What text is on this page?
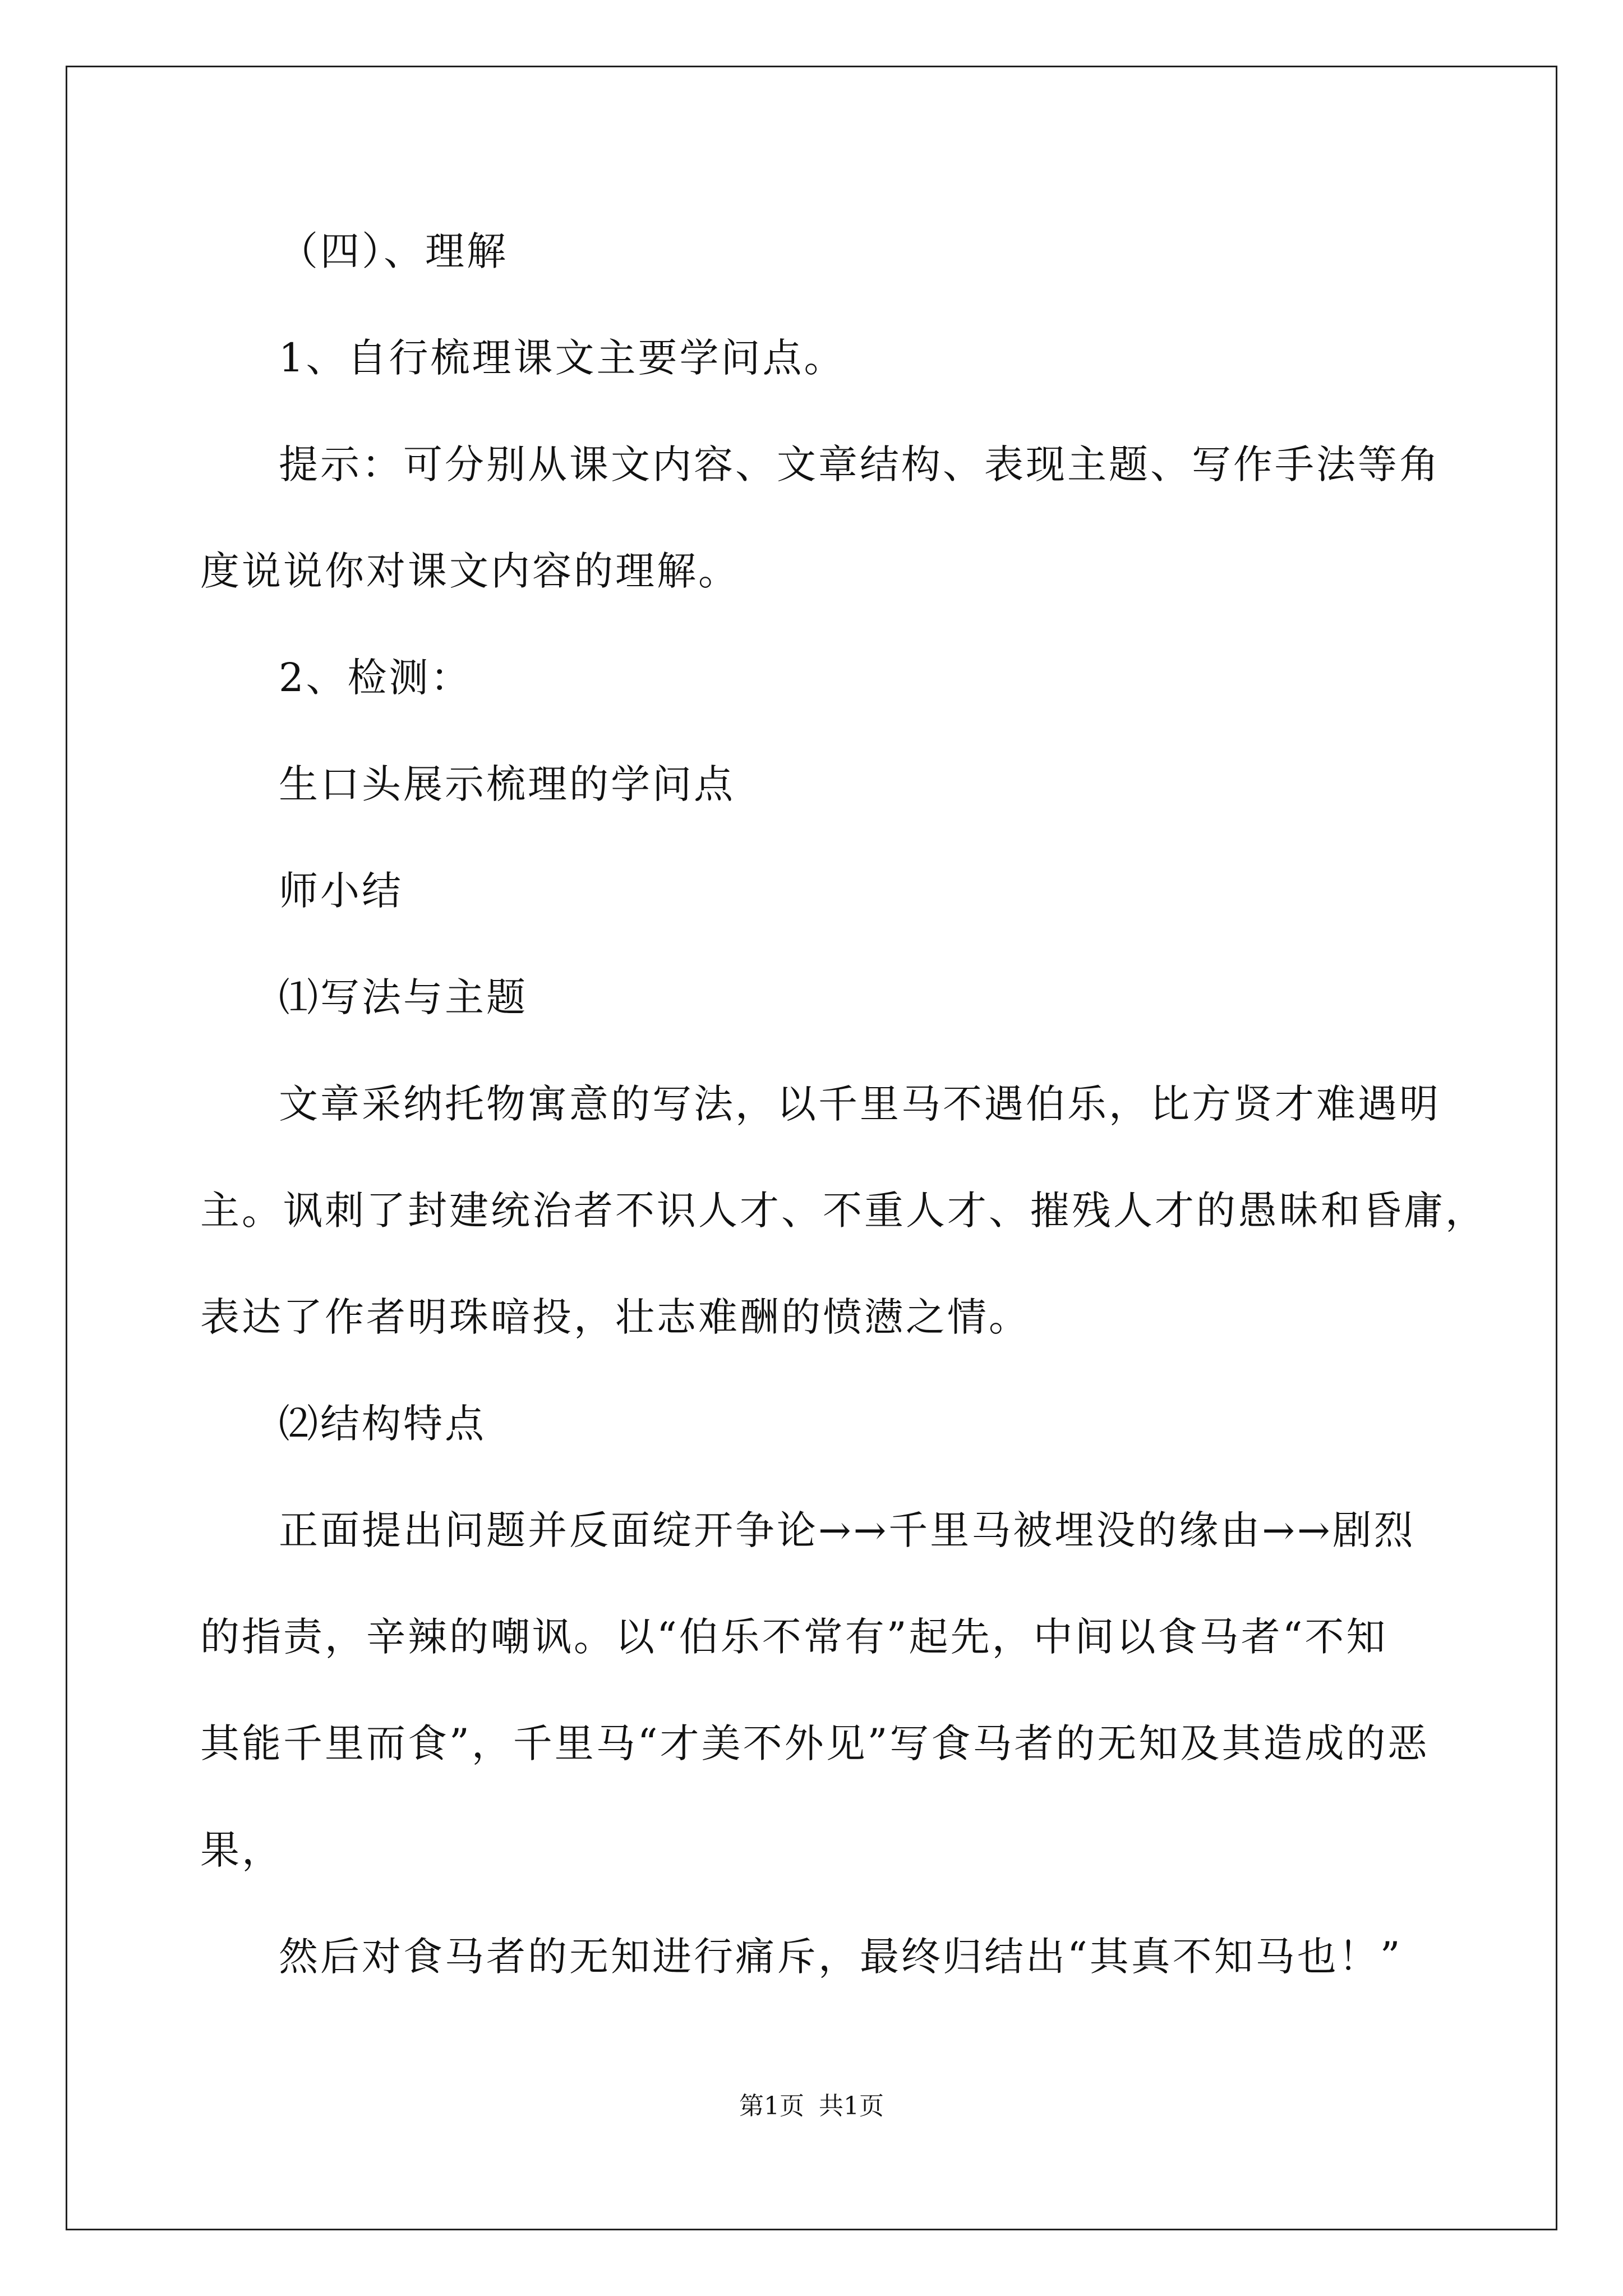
（四）、理解
1、自行梳理课文主要学问点。
提示：可分别从课文内容、文章结构、表现主题、写作手法等角
度说说你对课文内容的理解。
2、检测：
生口头展示梳理的学问点
师小结
⑴写法与主题
文章采纳托物寓意的写法，以千里马不遇伯乐，比方贤才难遇明
主。讽刺了封建统治者不识人才、不重人才、摧残人才的愚昧和昏庸，
表达了作者明珠暗投，壮志难酬的愤懑之情。
⑵结构特点
正面提出问题并反面绽开争论→→千里马被埋没的缘由→→剧烈
的指责，辛辣的嘲讽。以“伯乐不常有”起先，中间以食马者“不知
其能千里而食”，千里马“才美不外见”写食马者的无知及其造成的恶
果，
然后对食马者的无知进行痛斥，最终归结出“其真不知马也！”
第1页 共1页
